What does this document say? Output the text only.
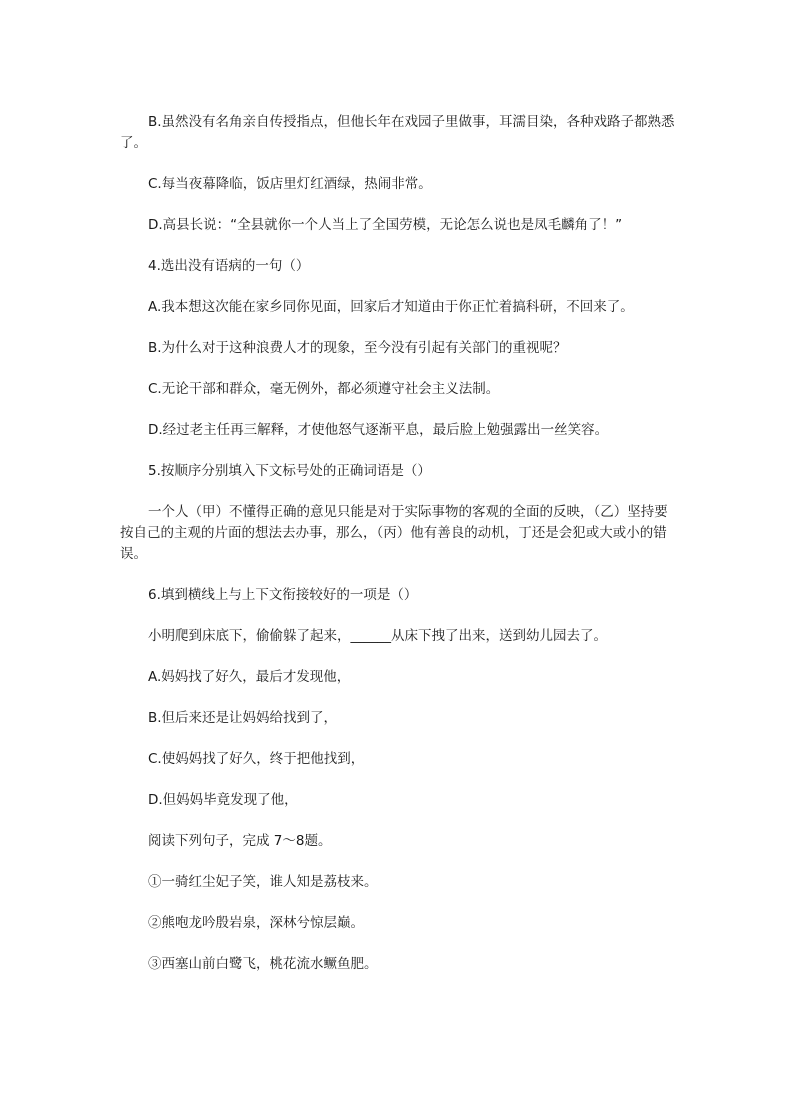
B.虽然没有名角亲自传授指点，但他长年在戏园子里做事，耳濡目染，各种戏路子都熟悉了。

C.每当夜幕降临，饭店里灯红酒绿，热闹非常。

D.高县长说：“全县就你一个人当上了全国劳模，无论怎么说也是凤毛麟角了！”

4.选出没有语病的一句（）

A.我本想这次能在家乡同你见面，回家后才知道由于你正忙着搞科研，不回来了。

B.为什么对于这种浪费人才的现象，至今没有引起有关部门的重视呢？

C.无论干部和群众，毫无例外，都必须遵守社会主义法制。

D.经过老主任再三解释，才使他怒气逐渐平息，最后脸上勉强露出一丝笑容。

5.按顺序分别填入下文标号处的正确词语是（）

一个人（甲）不懂得正确的意见只能是对于实际事物的客观的全面的反映，（乙）坚持要按自己的主观的片面的想法去办事，那么，（丙）他有善良的动机，丁还是会犯或大或小的错误。

6.填到横线上与上下文衔接较好的一项是（）

小明爬到床底下，偷偷躲了起来，______从床下拽了出来，送到幼儿园去了。

A.妈妈找了好久，最后才发现他，

B.但后来还是让妈妈给找到了，

C.使妈妈找了好久，终于把他找到，

D.但妈妈毕竟发现了他，

阅读下列句子，完成 7～8题。

①一骑红尘妃子笑，谁人知是荔枝来。

②熊咆龙吟殷岩泉，深林兮惊层巅。

③西塞山前白鹭飞，桃花流水鳜鱼肥。
